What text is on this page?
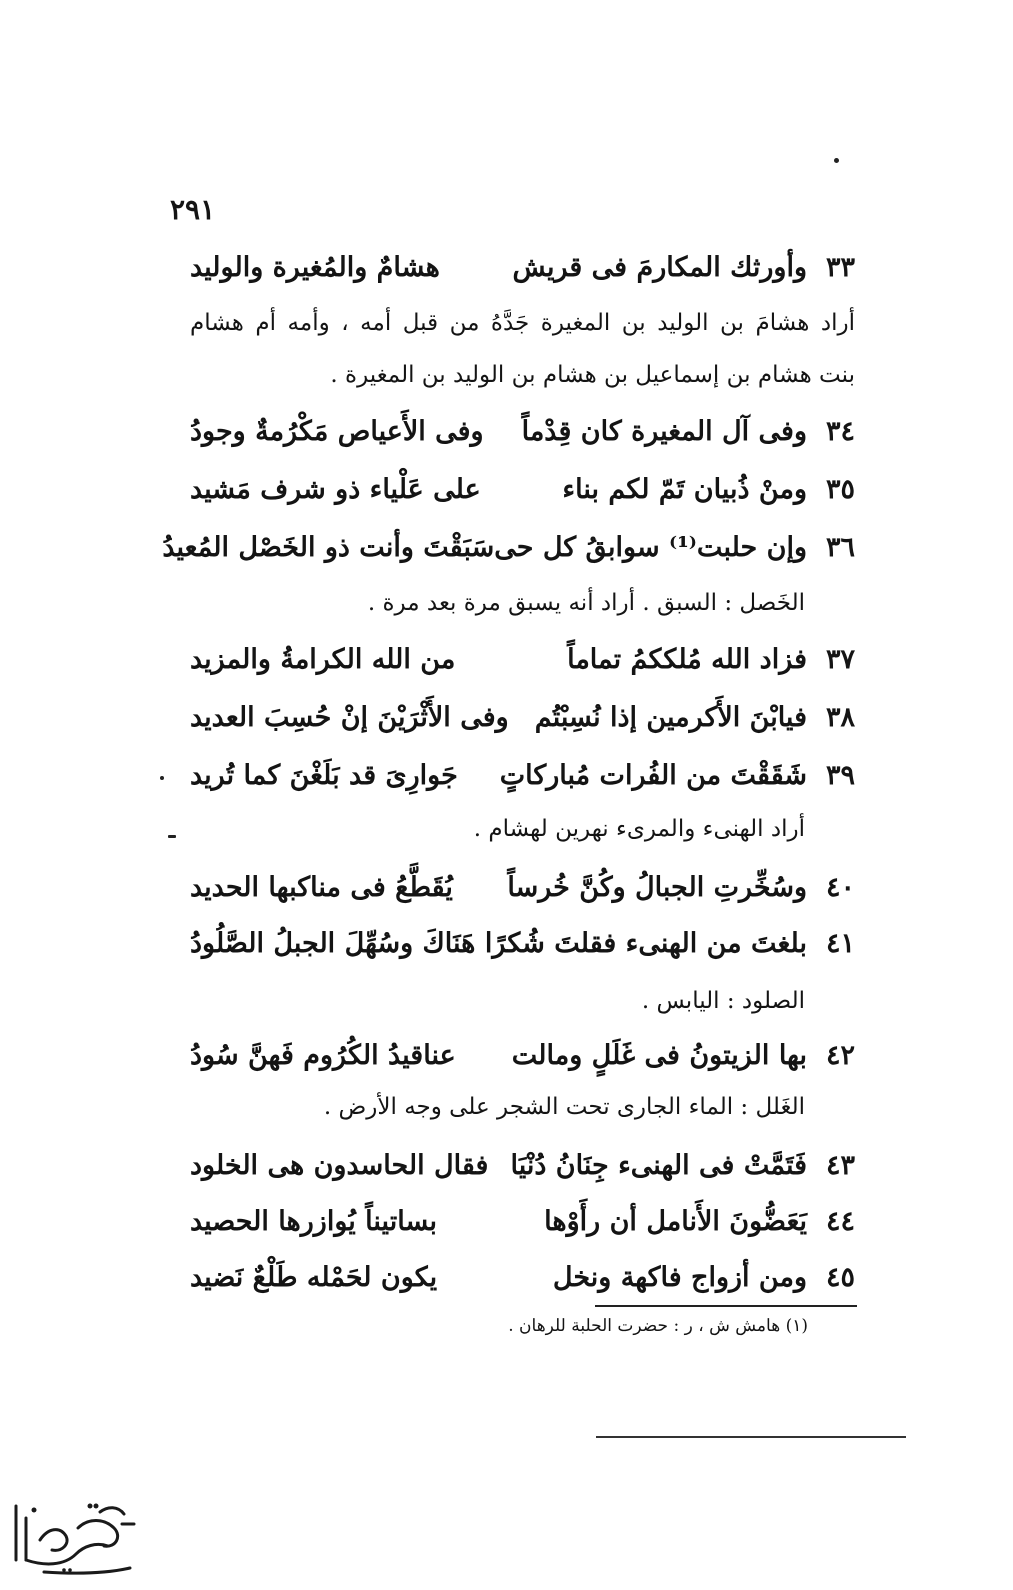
٢٩١
٣٣
وأورثك المكارمَ فى قريش
هشامٌ والمُغيرة والوليد
أراد هشامَ بن الوليد بن المغيرة جَدَّهُ من قبل أمه ، وأمه أم هشام
بنت هشام بن إسماعيل بن هشام بن الوليد بن المغيرة .
٣٤
وفى آل المغيرة كان قِدْماً
وفى الأَعياص مَكْرُمةٌ وجودُ
٣٥
ومنْ ذُبيان تَمّ لكم بناء
على عَلْياء ذو شرف مَشيد
٣٦
وإن حلبت⁽¹⁾ سوابقُ كل حى
سَبَقْتَ وأنت ذو الخَصْل المُعيدُ
الخَصل : السبق . أراد أنه يسبق مرة بعد مرة .
٣٧
فزاد الله مُلككمُ تماماً
من الله الكرامةُ والمزيد
٣٨
فيابْنَ الأَكرمين إذا نُسِبْتُم
وفى الأَثْرَيْنَ إنْ حُسِبَ العديد
٣٩
شَقَقْتَ من الفُرات مُباركاتٍ
جَوارِىَ قد بَلَغْنَ كما تُريد
أراد الهنىء والمرىء نهرين لهشام .
٤٠
وسُخِّرتِ الجبالُ وكُنَّ خُرساً
يُقَطَّعُ فى مناكبها الحديد
٤١
بلغتَ من الهنىء فقلتَ شُكرًا
هَنَاكَ وسُهِّلَ الجبلُ الصَّلُودُ
الصلود : اليابس .
٤٢
بها الزيتونُ فى غَلَلٍ ومالت
عناقيدُ الكُرُوم فَهنَّ سُودُ
الغَلل : الماء الجارى تحت الشجر على وجه الأرض .
٤٣
فَتَمَّتْ فى الهنىء جِنَانُ دُنْيَا
فقال الحاسدون هى الخلود
٤٤
يَعَضُّونَ الأَنامل أن رأَوْها
بساتيناً يُوازرها الحصيد
٤٥
ومن أزواج فاكهة ونخل
يكون لحَمْله طَلْعٌ نَضيد
(١) هامش ش ، ر : حضرت الحلبة للرهان .
